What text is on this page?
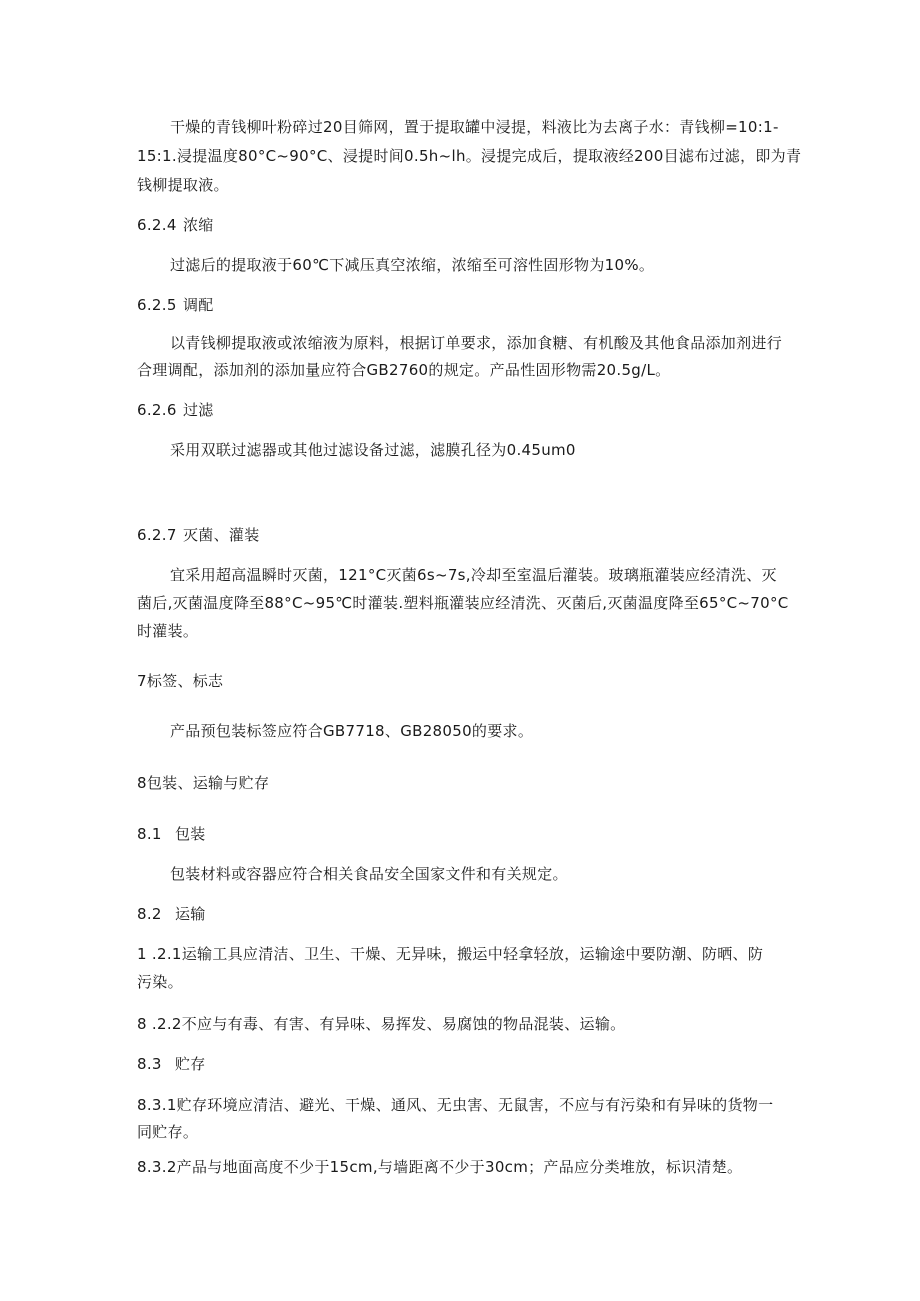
干燥的青钱柳叶粉碎过20目筛网，置于提取罐中浸提，料液比为去离子水：青钱柳=10:1-
15:1.浸提温度80°C~90°C、浸提时间0.5h~lh。浸提完成后，提取液经200目滤布过滤，即为青
钱柳提取液。
6.2.4 浓缩
过滤后的提取液于60℃下减压真空浓缩，浓缩至可溶性固形物为10%。
6.2.5 调配
以青钱柳提取液或浓缩液为原料，根据订单要求，添加食糖、有机酸及其他食品添加剂进行
合理调配，添加剂的添加量应符合GB2760的规定。产品性固形物需20.5g/L。
6.2.6 过滤
采用双联过滤器或其他过滤设备过滤，滤膜孔径为0.45um0
6.2.7 灭菌、灌装
宜采用超高温瞬时灭菌，121°C灭菌6s~7s,冷却至室温后灌装。玻璃瓶灌装应经清洗、灭
菌后,灭菌温度降至88°C~95℃时灌装.塑料瓶灌装应经清洗、灭菌后,灭菌温度降至65°C~70°C
时灌装。
7标签、标志
产品预包装标签应符合GB7718、GB28050的要求。
8包装、运输与贮存
8.1 包装
包装材料或容器应符合相关食品安全国家文件和有关规定。
8.2 运输
1 .2.1运输工具应清洁、卫生、干燥、无异味，搬运中轻拿轻放，运输途中要防潮、防晒、防
污染。
8 .2.2不应与有毒、有害、有异味、易挥发、易腐蚀的物品混装、运输。
8.3 贮存
8.3.1贮存环境应清洁、避光、干燥、通风、无虫害、无鼠害，不应与有污染和有异味的货物一
同贮存。
8.3.2产品与地面高度不少于15cm,与墙距离不少于30cm；产品应分类堆放，标识清楚。
